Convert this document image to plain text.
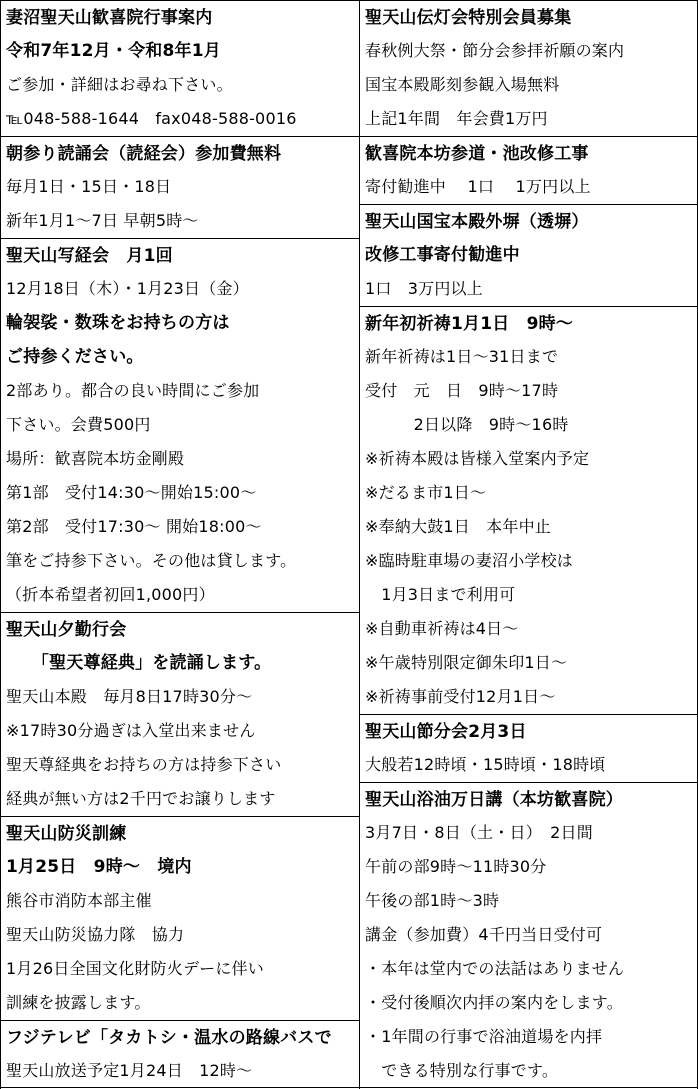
妻沼聖天山歓喜院行事案内
令和7年12月・令和8年1月
ご参加・詳細はお尋ね下さい。
℡048-588-1644　fax048-588-0016
朝参り読誦会（読経会）参加費無料
毎月1日・15日・18日
新年1月1～7日 早朝5時～
聖天山写経会　月1回
12月18日（木）・1月23日（金）
輪袈裟・数珠をお持ちの方は
ご持参ください。
2部あり。都合の良い時間にご参加
下さい。会費500円
場所：歓喜院本坊金剛殿
第1部　受付14:30～開始15:00～
第2部　受付17:30～ 開始18:00～
筆をご持参下さい。その他は貸します。
（折本希望者初回1,000円）
聖天山夕勤行会
　　「聖天尊経典」を読誦します。
聖天山本殿　毎月8日17時30分～
※17時30分過ぎは入堂出来ません
聖天尊経典をお持ちの方は持参下さい
経典が無い方は2千円でお譲りします
聖天山防災訓練
1月25日　9時～　境内
熊谷市消防本部主催
聖天山防災協力隊　協力
1月26日全国文化財防火デーに伴い
訓練を披露します。
フジテレビ「タカトシ・温水の路線バスで
聖天山放送予定1月24日　12時～
聖天山伝灯会特別会員募集
春秋例大祭・節分会参拝祈願の案内
国宝本殿彫刻参観入場無料
上記1年間　年会費1万円
歓喜院本坊参道・池改修工事
寄付勧進中　 1口　 1万円以上
聖天山国宝本殿外塀（透塀）
改修工事寄付勧進中
1口　3万円以上
新年初祈祷1月1日　9時～
新年祈祷は1日～31日まで
受付　元　日　9時～17時
　　　2日以降　9時～16時
※祈祷本殿は皆様入堂案内予定
※だるま市1日～
※奉納大鼓1日　本年中止
※臨時駐車場の妻沼小学校は
　1月3日まで利用可
※自動車祈祷は4日～
※午歳特別限定御朱印1日～
※祈祷事前受付12月1日～
聖天山節分会2月3日
大般若12時頃・15時頃・18時頃
聖天山浴油万日講（本坊歓喜院）
3月7日・8日（土・日）　2日間
午前の部9時～11時30分
午後の部1時～3時
講金（参加費）4千円当日受付可
・本年は堂内での法話はありません
・受付後順次内拝の案内をします。
・1年間の行事で浴油道場を内拝
　できる特別な行事です。
